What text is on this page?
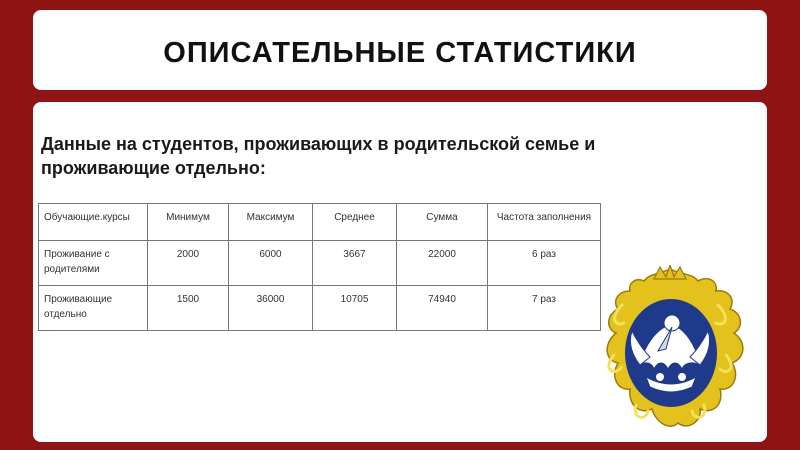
ОПИСАТЕЛЬНЫЕ СТАТИСТИКИ
Данные на студентов, проживающих в родительской семье и проживающие отдельно:
Обучающие.курсы	Минимум	Максимум	Среднее	Сумма	Частота заполнения
Проживание с родителями	2000	6000	3667	22000	6 раз
Проживающие отдельно	1500	36000	10705	74940	7 раз
